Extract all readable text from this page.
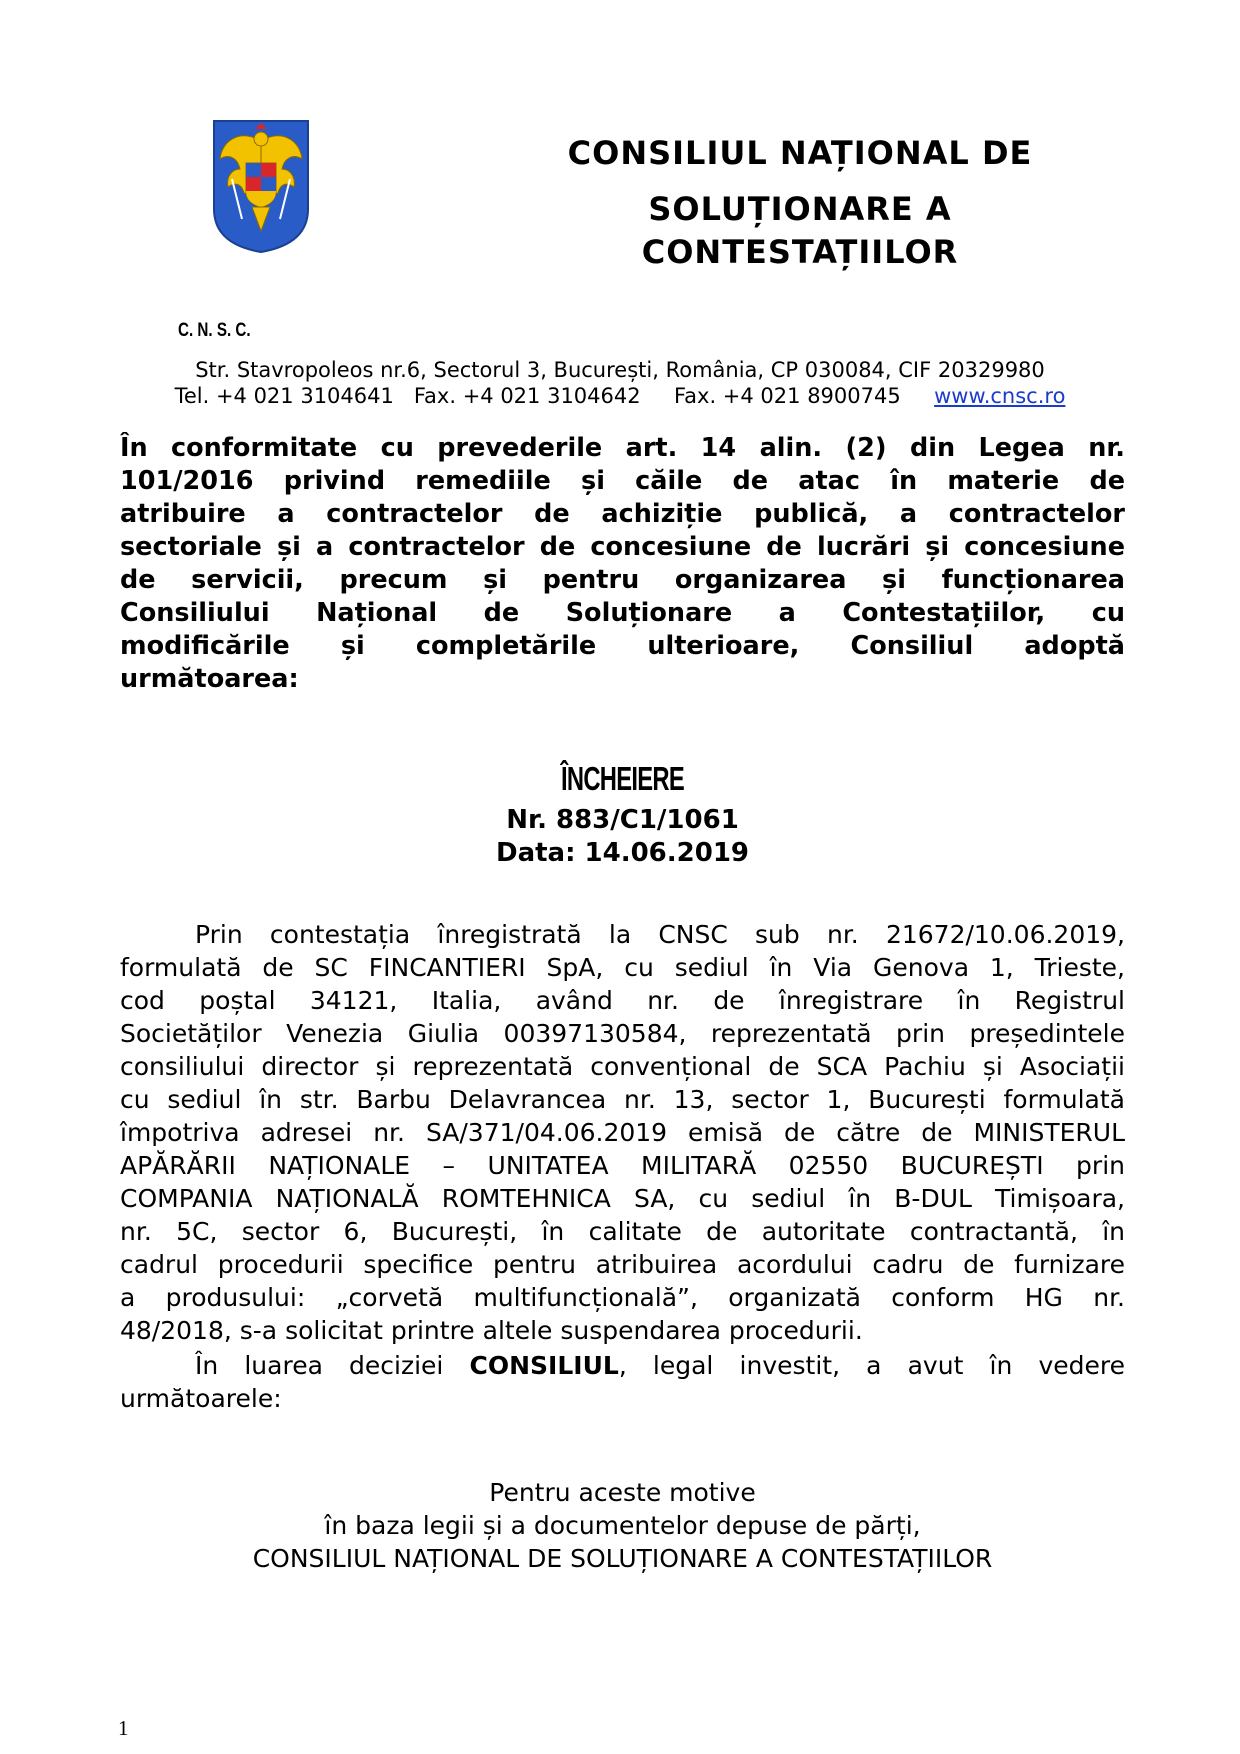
CONSILIUL NAȚIONAL DE
SOLUȚIONARE A
CONTESTAȚIILOR
C. N. S. C.
Str. Stavropoleos nr.6, Sectorul 3, București, România, CP 030084, CIF 20329980
Tel. +4 021 3104641 Fax. +4 021 3104642 Fax. +4 021 8900745 www.cnsc.ro
În conformitate cu prevederile art. 14 alin. (2) din Legea nr.
101/2016 privind remediile și căile de atac în materie de
atribuire a contractelor de achiziție publică, a contractelor
sectoriale și a contractelor de concesiune de lucrări și concesiune
de servicii, precum și pentru organizarea și funcționarea
Consiliului Național de Soluționare a Contestațiilor, cu
modificările și completările ulterioare, Consiliul adoptă
următoarea:
ÎNCHEIERE
Nr. 883/C1/1061
Data: 14.06.2019
Prin contestația înregistrată la CNSC sub nr. 21672/10.06.2019,
formulată de SC FINCANTIERI SpA, cu sediul în Via Genova 1, Trieste,
cod poștal 34121, Italia, având nr. de înregistrare în Registrul
Societăților Venezia Giulia 00397130584, reprezentată prin președintele
consiliului director și reprezentată convențional de SCA Pachiu și Asociații
cu sediul în str. Barbu Delavrancea nr. 13, sector 1, București formulată
împotriva adresei nr. SA/371/04.06.2019 emisă de către de MINISTERUL
APĂRĂRII NAȚIONALE – UNITATEA MILITARĂ 02550 BUCUREȘTI prin
COMPANIA NAȚIONALĂ ROMTEHNICA SA, cu sediul în B-DUL Timișoara,
nr. 5C, sector 6, București, în calitate de autoritate contractantă, în
cadrul procedurii specifice pentru atribuirea acordului cadru de furnizare
a produsului: „corvetă multifuncțională”, organizată conform HG nr.
48/2018, s-a solicitat printre altele suspendarea procedurii.
În luarea deciziei CONSILIUL, legal investit, a avut în vedere
următoarele:
Pentru aceste motive
în baza legii și a documentelor depuse de părți,
CONSILIUL NAȚIONAL DE SOLUȚIONARE A CONTESTAȚIILOR
1
